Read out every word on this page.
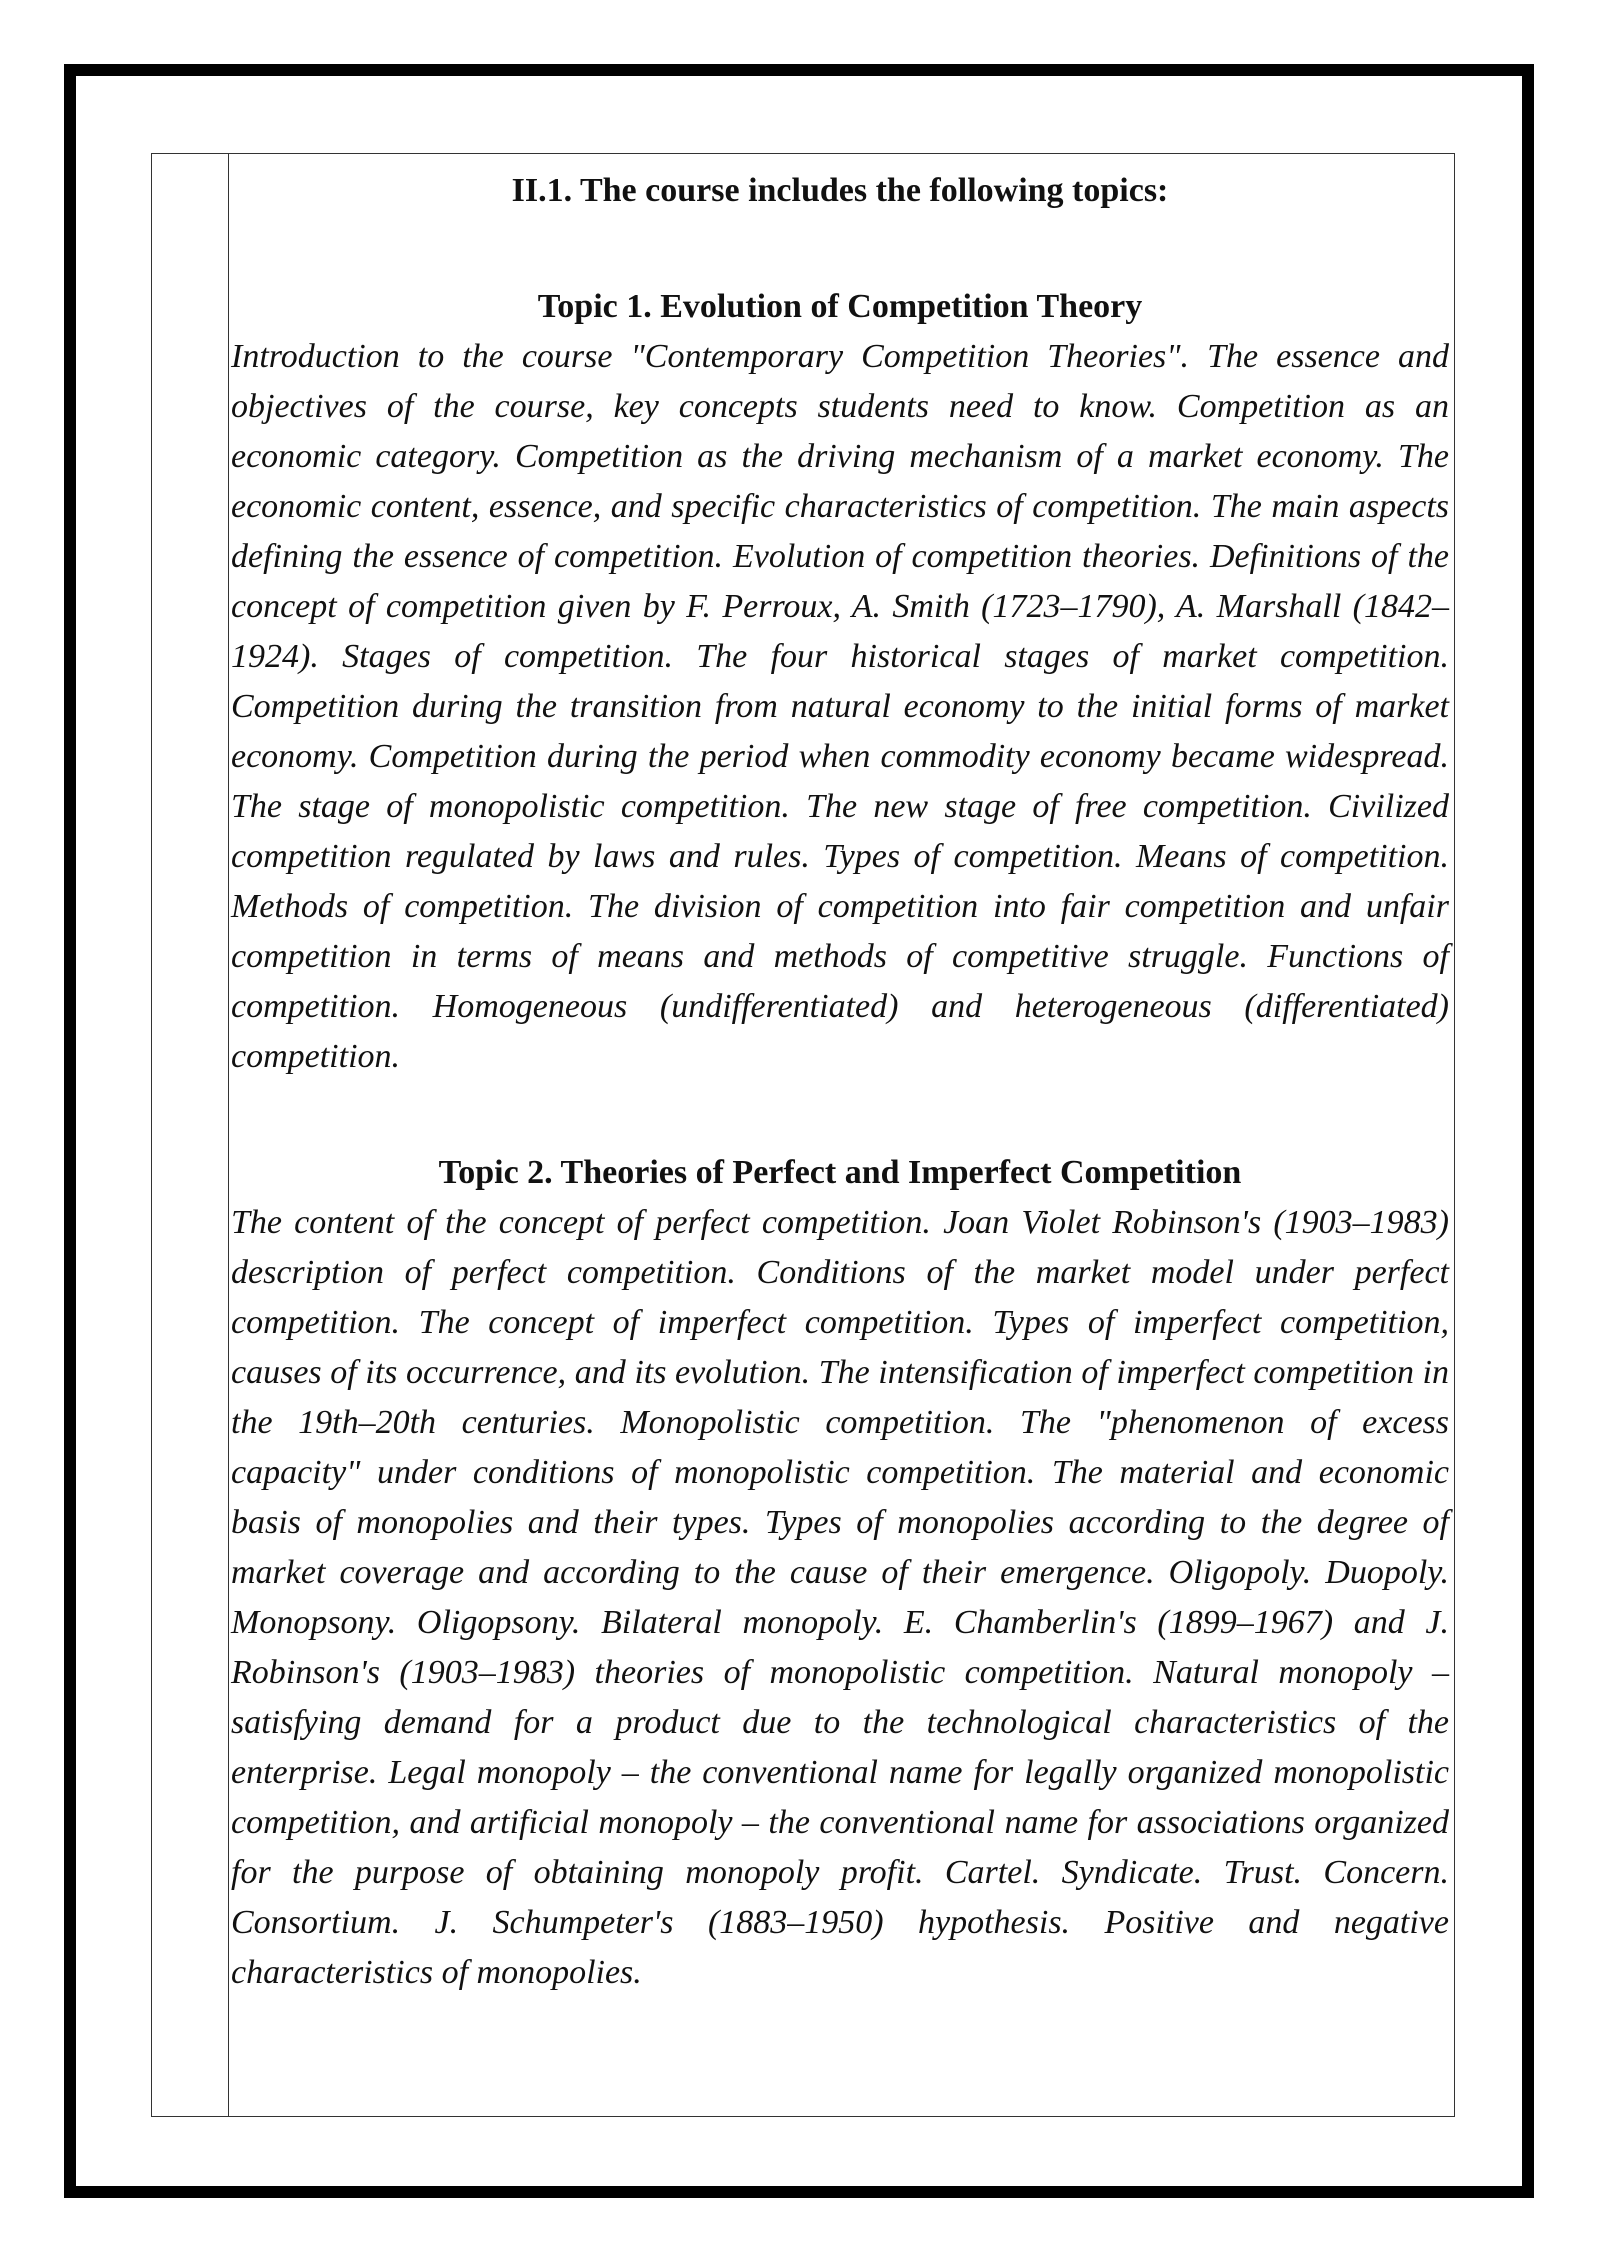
II.1. The course includes the following topics:

Topic 1. Evolution of Competition Theory

Introduction to the course "Contemporary Competition Theories". The essence and objectives of the course, key concepts students need to know. Competition as an economic category. Competition as the driving mechanism of a market economy. The economic content, essence, and specific characteristics of competition. The main aspects defining the essence of competition. Evolution of competition theories. Definitions of the concept of competition given by F. Perroux, A. Smith (1723–1790), A. Marshall (1842–1924). Stages of competition. The four historical stages of market competition. Competition during the transition from natural economy to the initial forms of market economy. Competition during the period when commodity economy became widespread. The stage of monopolistic competition. The new stage of free competition. Civilized competition regulated by laws and rules. Types of competition. Means of competition. Methods of competition. The division of competition into fair competition and unfair competition in terms of means and methods of competitive struggle. Functions of competition. Homogeneous (undifferentiated) and heterogeneous (differentiated) competition.

Topic 2. Theories of Perfect and Imperfect Competition

The content of the concept of perfect competition. Joan Violet Robinson's (1903–1983) description of perfect competition. Conditions of the market model under perfect competition. The concept of imperfect competition. Types of imperfect competition, causes of its occurrence, and its evolution. The intensification of imperfect competition in the 19th–20th centuries. Monopolistic competition. The "phenomenon of excess capacity" under conditions of monopolistic competition. The material and economic basis of monopolies and their types. Types of monopolies according to the degree of market coverage and according to the cause of their emergence. Oligopoly. Duopoly. Monopsony. Oligopsony. Bilateral monopoly. E. Chamberlin's (1899–1967) and J. Robinson's (1903–1983) theories of monopolistic competition. Natural monopoly – satisfying demand for a product due to the technological characteristics of the enterprise. Legal monopoly – the conventional name for legally organized monopolistic competition, and artificial monopoly – the conventional name for associations organized for the purpose of obtaining monopoly profit. Cartel. Syndicate. Trust. Concern. Consortium. J. Schumpeter's (1883–1950) hypothesis. Positive and negative characteristics of monopolies.
